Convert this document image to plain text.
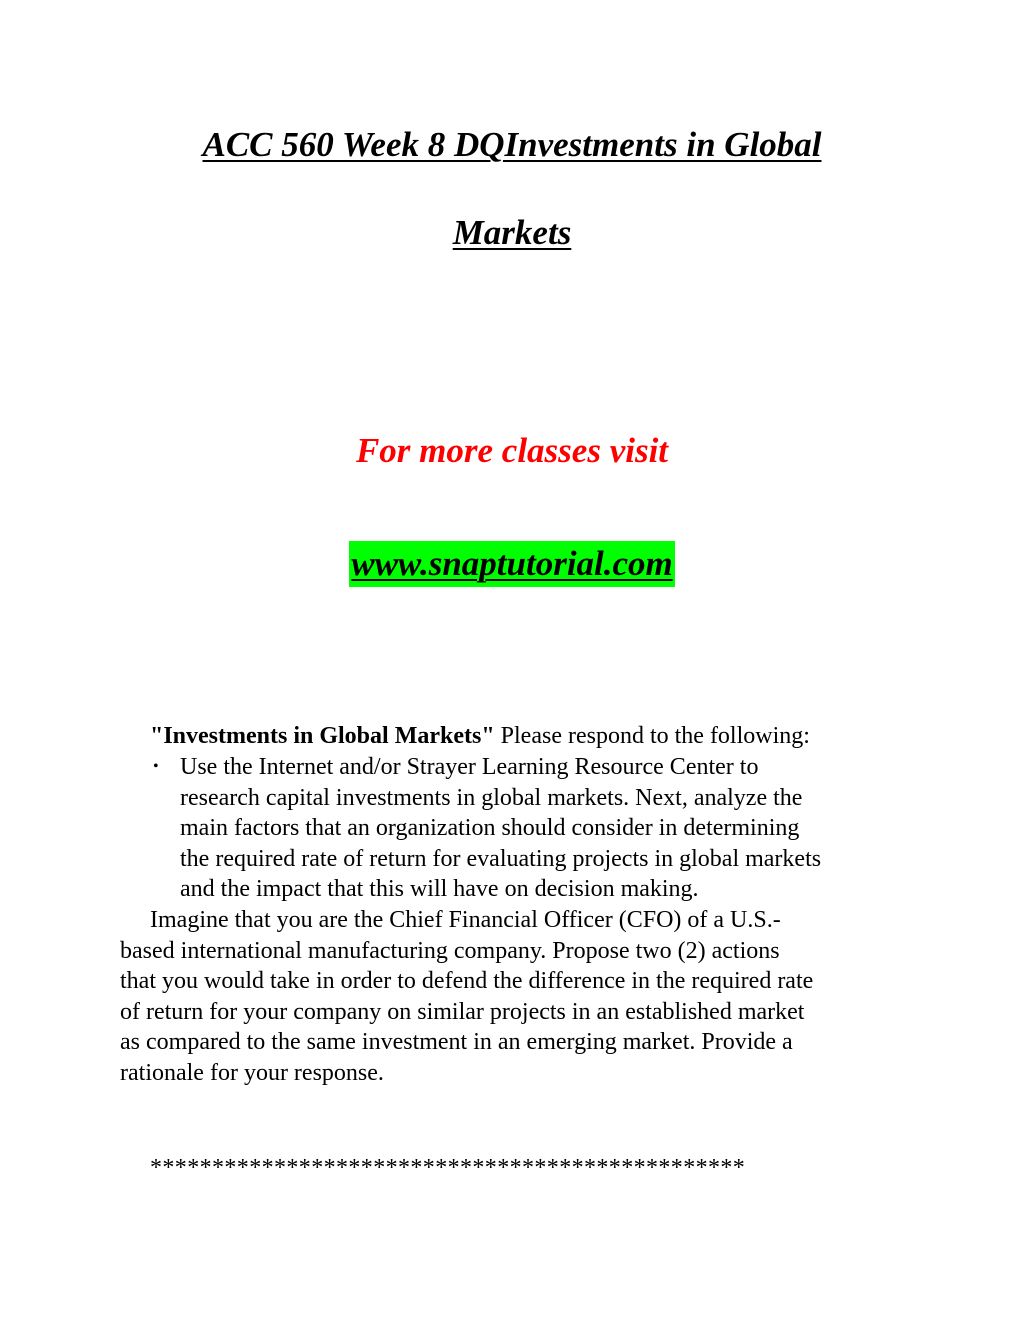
ACC 560 Week 8 DQInvestments in Global
Markets
For more classes visit
www.snaptutorial.com
"Investments in Global Markets" Please respond to the following:
• Use the Internet and/or Strayer Learning Resource Center to
research capital investments in global markets. Next, analyze the
main factors that an organization should consider in determining
the required rate of return for evaluating projects in global markets
and the impact that this will have on decision making.
Imagine that you are the Chief Financial Officer (CFO) of a U.S.-
based international manufacturing company. Propose two (2) actions
that you would take in order to defend the difference in the required rate
of return for your company on similar projects in an established market
as compared to the same investment in an emerging market. Provide a
rationale for your response.
************************************************
